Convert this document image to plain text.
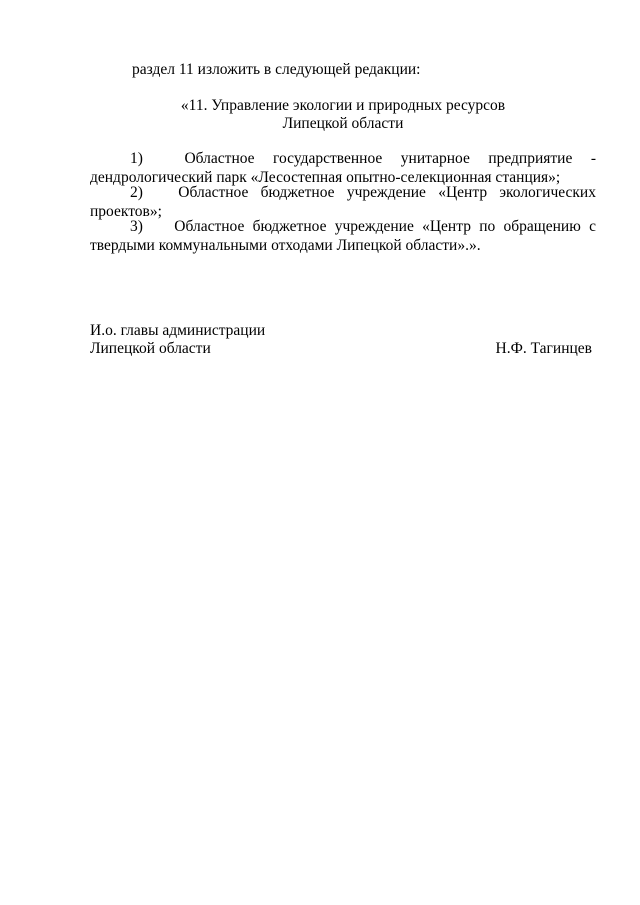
раздел 11 изложить в следующей редакции:
«11. Управление экологии и природных ресурсов
Липецкой области
1)	Областное государственное унитарное предприятие -
дендрологический парк «Лесостепная опытно-селекционная станция»;
2)	Областное бюджетное учреждение «Центр экологических
проектов»;
3)	Областное бюджетное учреждение «Центр по обращению с
твердыми коммунальными отходами Липецкой области».».
И.о. главы администрации
Липецкой области	Н.Ф. Тагинцев
